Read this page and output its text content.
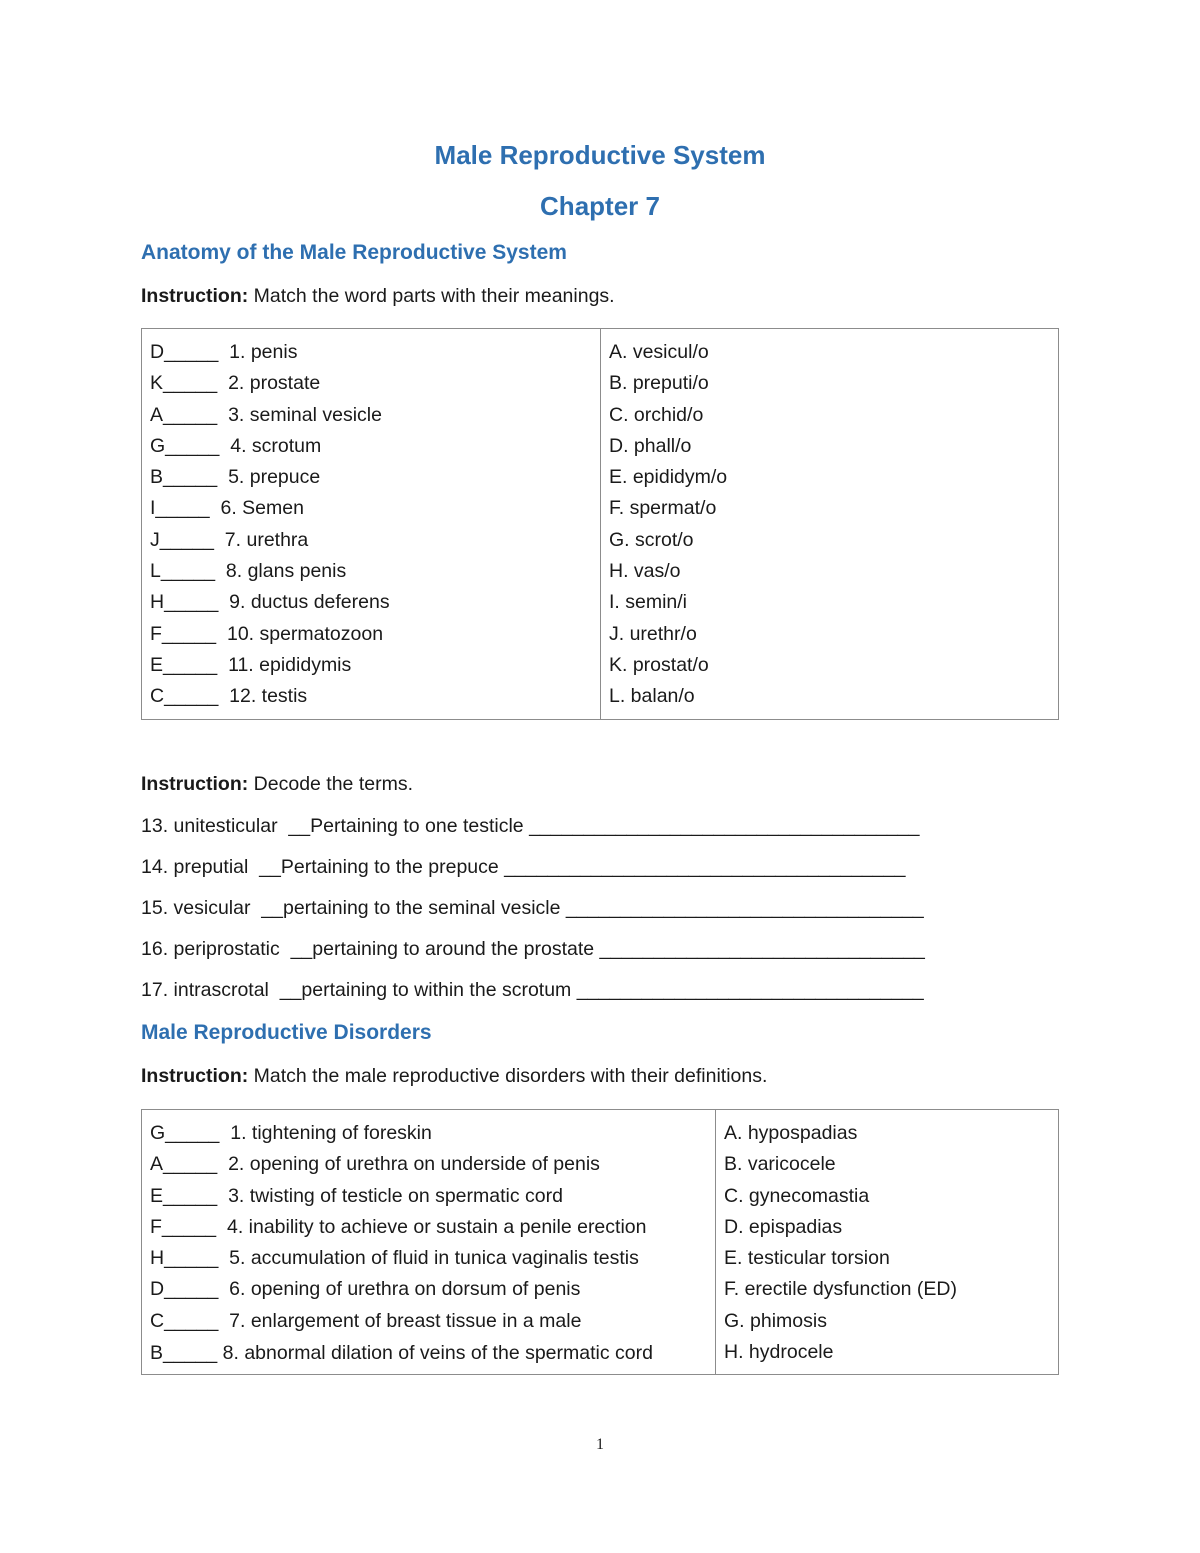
Male Reproductive System
Chapter 7
Anatomy of the Male Reproductive System
Instruction: Match the word parts with their meanings.
D_____  1. penis
K_____  2. prostate
A_____  3. seminal vesicle
G_____  4. scrotum
B_____  5. prepuce
I_____  6. Semen
J_____  7. urethra
L_____  8. glans penis
H_____  9. ductus deferens
F_____  10. spermatozoon
E_____  11. epididymis
C_____  12. testis

A. vesicul/o
B. preputi/o
C. orchid/o
D. phall/o
E. epididym/o
F. spermat/o
G. scrot/o
H. vas/o
I. semin/i
J. urethr/o
K. prostat/o
L. balan/o
Instruction: Decode the terms.
13. unitesticular  __Pertaining to one testicle ____________________________________
14. preputial  __Pertaining to the prepuce _____________________________________
15. vesicular  __pertaining to the seminal vesicle _________________________________
16. periprostatic  __pertaining to around the prostate ______________________________
17. intrascrotal  __pertaining to within the scrotum ________________________________
Male Reproductive Disorders
Instruction: Match the male reproductive disorders with their definitions.
G_____  1. tightening of foreskin
A_____  2. opening of urethra on underside of penis
E_____  3. twisting of testicle on spermatic cord
F_____  4. inability to achieve or sustain a penile erection
H_____  5. accumulation of fluid in tunica vaginalis testis
D_____  6. opening of urethra on dorsum of penis
C_____  7. enlargement of breast tissue in a male
B_____ 8. abnormal dilation of veins of the spermatic cord

A. hypospadias
B. varicocele
C. gynecomastia
D. epispadias
E. testicular torsion
F. erectile dysfunction (ED)
G. phimosis
H. hydrocele
1
